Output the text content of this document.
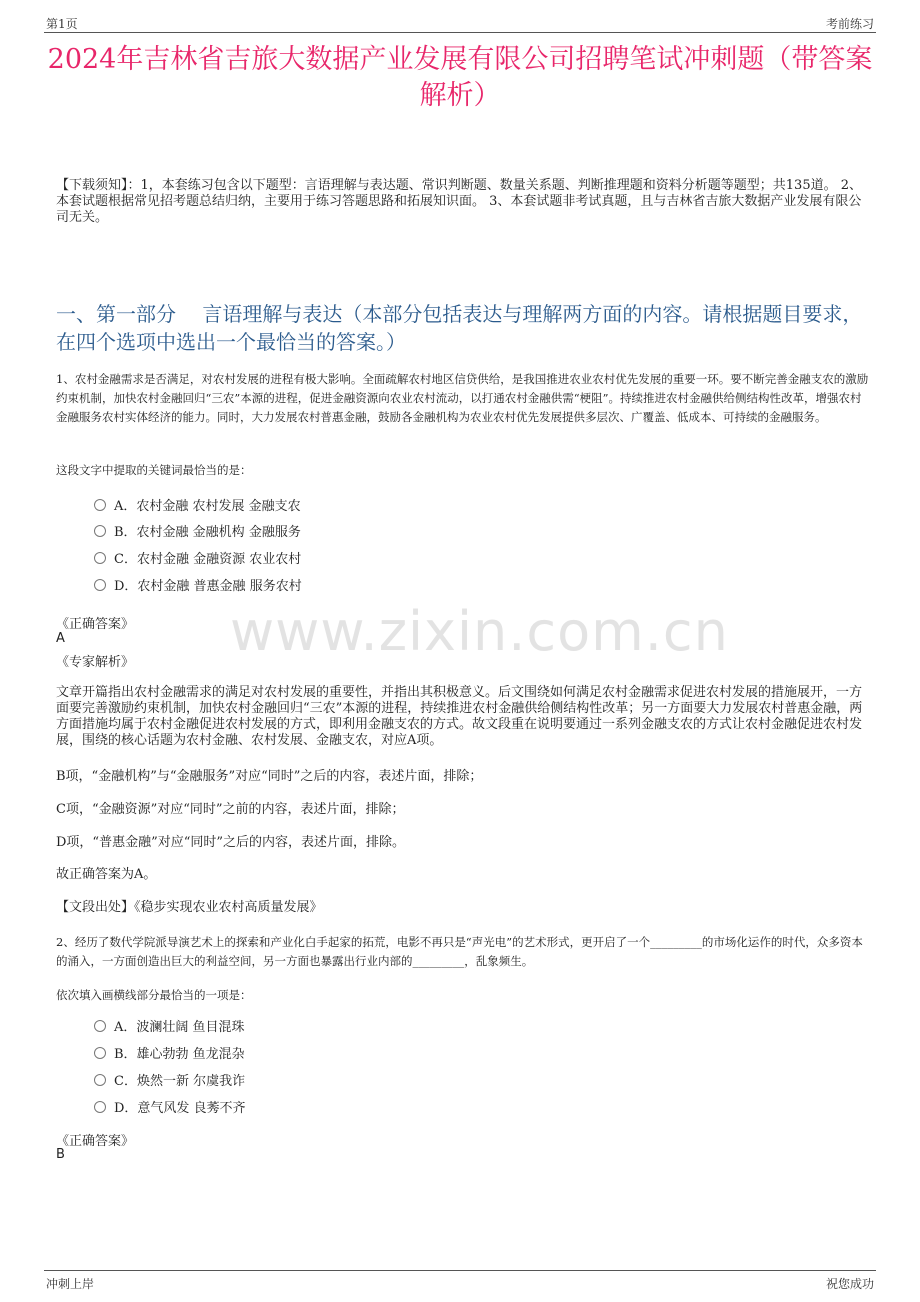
第1页	考前练习
2024年吉林省吉旅大数据产业发展有限公司招聘笔试冲刺题（带答案解析）
【下载须知】：1，本套练习包含以下题型：言语理解与表达题、常识判断题、数量关系题、判断推理题和资料分析题等题型；共135道。 2、本套试题根据常见招考题总结归纳，主要用于练习答题思路和拓展知识面。 3、本套试题非考试真题，且与吉林省吉旅大数据产业发展有限公司无关。
一、第一部分　 言语理解与表达（本部分包括表达与理解两方面的内容。请根据题目要求，在四个选项中选出一个最恰当的答案。）
1、农村金融需求是否满足，对农村发展的进程有极大影响。全面疏解农村地区信贷供给，是我国推进农业农村优先发展的重要一环。要不断完善金融支农的激励约束机制，加快农村金融回归“三农”本源的进程，促进金融资源向农业农村流动，以打通农村金融供需“梗阻”。持续推进农村金融供给侧结构性改革，增强农村金融服务农村实体经济的能力。同时，大力发展农村普惠金融，鼓励各金融机构为农业农村优先发展提供多层次、广覆盖、低成本、可持续的金融服务。
这段文字中提取的关键词最恰当的是：
A．农村金融 农村发展 金融支农
B．农村金融 金融机构 金融服务
C．农村金融 金融资源 农业农村
D．农村金融 普惠金融 服务农村
《正确答案》
A
《专家解析》 www.zixin.com.cn
文章开篇指出农村金融需求的满足对农村发展的重要性，并指出其积极意义。后文围绕如何满足农村金融需求促进农村发展的措施展开，一方面要完善激励约束机制，加快农村金融回归“三农”本源的进程，持续推进农村金融供给侧结构性改革；另一方面要大力发展农村普惠金融，两方面措施均属于农村金融促进农村发展的方式，即利用金融支农的方式。故文段重在说明要通过一系列金融支农的方式让农村金融促进农村发展，围绕的核心话题为农村金融、农村发展、金融支农，对应A项。
B项，“金融机构”与“金融服务”对应“同时”之后的内容，表述片面，排除；
C项，“金融资源”对应“同时”之前的内容，表述片面，排除；
D项，“普惠金融”对应“同时”之后的内容，表述片面，排除。
故正确答案为A。
【文段出处】《稳步实现农业农村高质量发展》
2、经历了数代学院派导演艺术上的探索和产业化白手起家的拓荒，电影不再只是“声光电”的艺术形式，更开启了一个_________的市场化运作的时代，众多资本的涌入，一方面创造出巨大的利益空间，另一方面也暴露出行业内部的_________，乱象频生。
依次填入画横线部分最恰当的一项是：
A．波澜壮阔 鱼目混珠
B．雄心勃勃 鱼龙混杂
C．焕然一新 尔虞我诈
D．意气风发 良莠不齐
《正确答案》
B
冲刺上岸	祝您成功
